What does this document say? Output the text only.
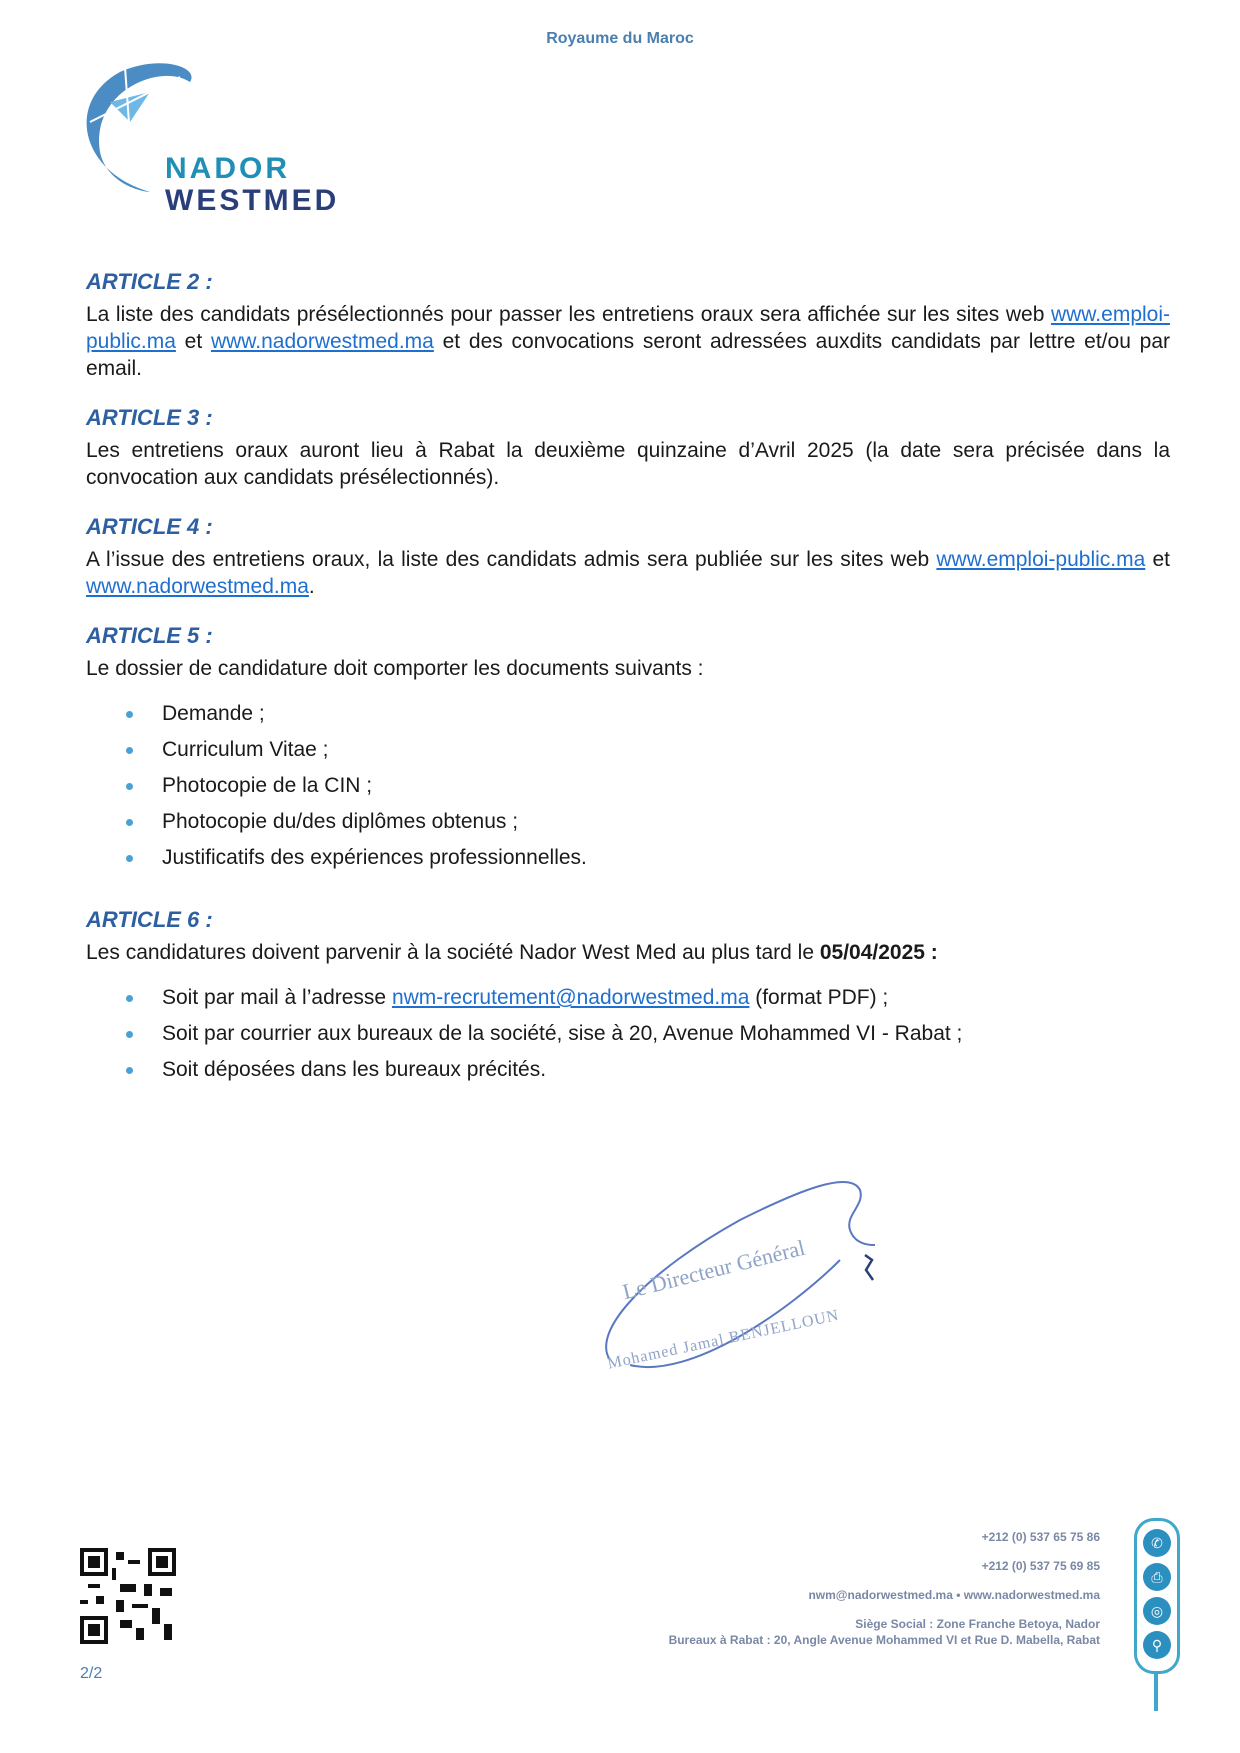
Royaume du Maroc
NADOR
WESTMED
ARTICLE 2 :

La liste des candidats présélectionnés pour passer les entretiens oraux sera affichée sur les sites web www.emploi-public.ma et www.nadorwestmed.ma et des convocations seront adressées auxdits candidats par lettre et/ou par email.

ARTICLE 3 :

Les entretiens oraux auront lieu à Rabat la deuxième quinzaine d’Avril 2025 (la date sera précisée dans la convocation aux candidats présélectionnés).

ARTICLE 4 :

A l’issue des entretiens oraux, la liste des candidats admis sera publiée sur les sites web www.emploi-public.ma et www.nadorwestmed.ma.

ARTICLE 5 :

Le dossier de candidature doit comporter les documents suivants :

Demande ;
Curriculum Vitae ;
Photocopie de la CIN ;
Photocopie du/des diplômes obtenus ;
Justificatifs des expériences professionnelles.
ARTICLE 6 :

Les candidatures doivent parvenir à la société Nador West Med au plus tard le 05/04/2025 :

Soit par mail à l’adresse nwm-recrutement@nadorwestmed.ma (format PDF) ;
Soit par courrier aux bureaux de la société, sise à 20, Avenue Mohammed VI - Rabat ;
Soit déposées dans les bureaux précités.
Le Directeur Général
Mohamed Jamal BENJELLOUN
2/2
+212 (0) 537 65 75 86
+212 (0) 537 75 69 85
nwm@nadorwestmed.ma • www.nadorwestmed.ma
Siège Social : Zone Franche Betoya, Nador
Bureaux à Rabat : 20, Angle Avenue Mohammed VI et Rue D. Mabella, Rabat
✆
⎙
◎
⚲
